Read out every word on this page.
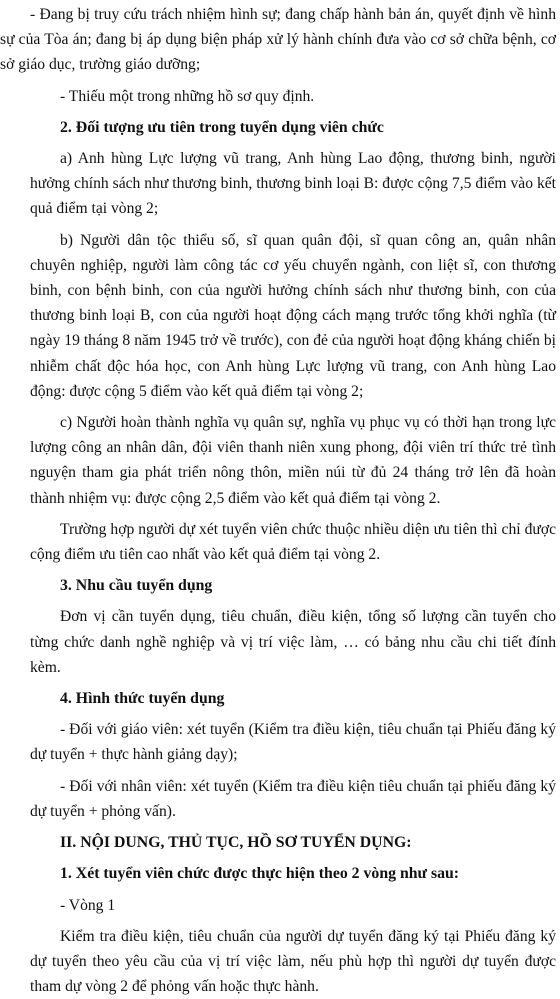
- Đang bị truy cứu trách nhiệm hình sự; đang chấp hành bản án, quyết định về hình sự của Tòa án; đang bị áp dụng biện pháp xử lý hành chính đưa vào cơ sở chữa bệnh, cơ sở giáo dục, trường giáo dưỡng;

- Thiếu một trong những hồ sơ quy định.

2. Đối tượng ưu tiên trong tuyển dụng viên chức

a) Anh hùng Lực lượng vũ trang, Anh hùng Lao động, thương binh, người hưởng chính sách như thương binh, thương binh loại B: được cộng 7,5 điểm vào kết quả điểm tại vòng 2;

b) Người dân tộc thiểu số, sĩ quan quân đội, sĩ quan công an, quân nhân chuyên nghiệp, người làm công tác cơ yếu chuyển ngành, con liệt sĩ, con thương binh, con bệnh binh, con của người hưởng chính sách như thương binh, con của thương binh loại B, con của người hoạt động cách mạng trước tổng khởi nghĩa (từ ngày 19 tháng 8 năm 1945 trở về trước), con đẻ của người hoạt động kháng chiến bị nhiễm chất độc hóa học, con Anh hùng Lực lượng vũ trang, con Anh hùng Lao động: được cộng 5 điểm vào kết quả điểm tại vòng 2;

c) Người hoàn thành nghĩa vụ quân sự, nghĩa vụ phục vụ có thời hạn trong lực lượng công an nhân dân, đội viên thanh niên xung phong, đội viên trí thức trẻ tình nguyện tham gia phát triển nông thôn, miền núi từ đủ 24 tháng trở lên đã hoàn thành nhiệm vụ: được cộng 2,5 điểm vào kết quả điểm tại vòng 2.

Trường hợp người dự xét tuyển viên chức thuộc nhiều diện ưu tiên thì chỉ được cộng điểm ưu tiên cao nhất vào kết quả điểm tại vòng 2.

3. Nhu cầu tuyển dụng

Đơn vị cần tuyển dụng, tiêu chuẩn, điều kiện, tổng số lượng cần tuyển cho từng chức danh nghề nghiệp và vị trí việc làm, … có bảng nhu cầu chi tiết đính kèm.

4. Hình thức tuyển dụng

- Đối với giáo viên: xét tuyển (Kiểm tra điều kiện, tiêu chuẩn tại Phiếu đăng ký dự tuyển + thực hành giảng dạy);

- Đối với nhân viên: xét tuyển (Kiểm tra điều kiện tiêu chuẩn tại phiếu đăng ký dự tuyển + phỏng vấn).

II. NỘI DUNG, THỦ TỤC, HỒ SƠ TUYỂN DỤNG:
1. Xét tuyển viên chức được thực hiện theo 2 vòng như sau:

- Vòng 1

Kiểm tra điều kiện, tiêu chuẩn của người dự tuyển đăng ký tại Phiếu đăng ký dự tuyển theo yêu cầu của vị trí việc làm, nếu phù hợp thì người dự tuyển được tham dự vòng 2 để phỏng vấn hoặc thực hành.
